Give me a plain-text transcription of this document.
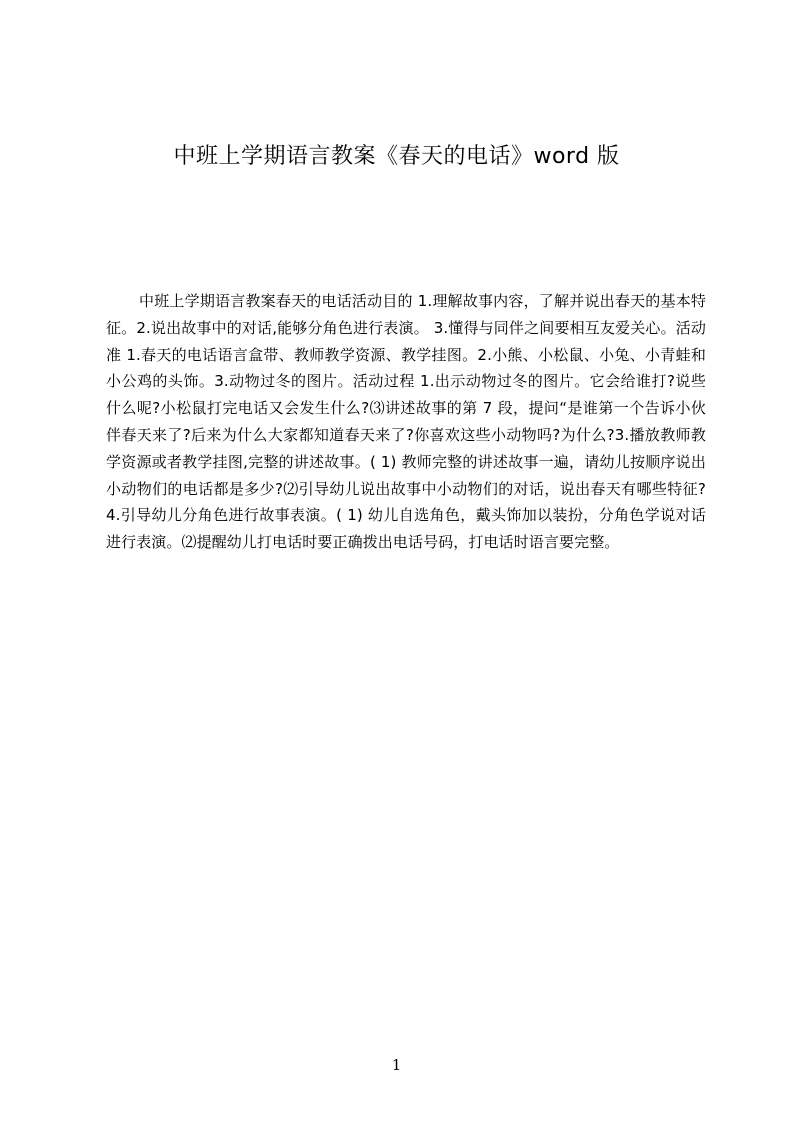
中班上学期语言教案《春天的电话》word 版

中班上学期语言教案春天的电话活动目的 1.理解故事内容，了解并说出春天的基本特征。2.说出故事中的对话,能够分角色进行表演。 3.懂得与同伴之间要相互友爱关心。活动准 1.春天的电话语言盒带、教师教学资源、教学挂图。2.小熊、小松鼠、小兔、小青蛙和小公鸡的头饰。3.动物过冬的图片。活动过程 1.出示动物过冬的图片。它会给谁打?说些什么呢?小松鼠打完电话又会发生什么?⑶讲述故事的第 7 段，提问“是谁第一个告诉小伙伴春天来了?后来为什么大家都知道春天来了?你喜欢这些小动物吗?为什么?3.播放教师教学资源或者教学挂图,完整的讲述故事。( 1) 教师完整的讲述故事一遍，请幼儿按顺序说出小动物们的电话都是多少?⑵引导幼儿说出故事中小动物们的对话，说出春天有哪些特征?4.引导幼儿分角色进行故事表演。( 1) 幼儿自选角色，戴头饰加以装扮，分角色学说对话进行表演。⑵提醒幼儿打电话时要正确拨出电话号码，打电话时语言要完整。

1
